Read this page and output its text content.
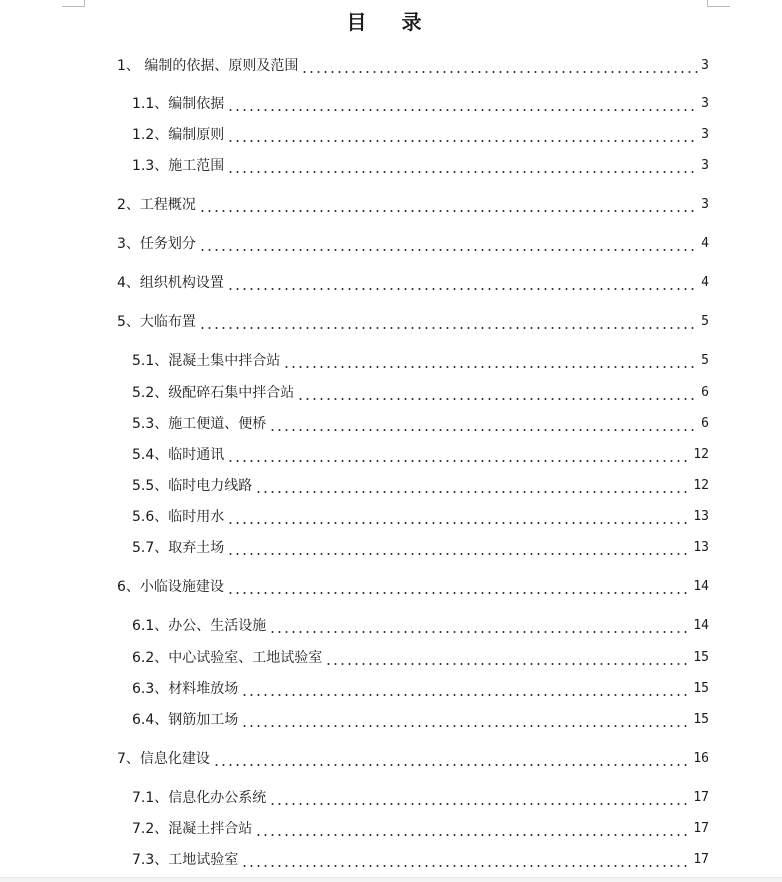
目 录
1、 编制的依据、原则及范围	3
1.1、编制依据	3
1.2、编制原则	3
1.3、施工范围	3
2、工程概况	3
3、任务划分	4
4、组织机构设置	4
5、大临布置	5
5.1、混凝土集中拌合站	5
5.2、级配碎石集中拌合站	6
5.3、施工便道、便桥	6
5.4、临时通讯	12
5.5、临时电力线路	12
5.6、临时用水	13
5.7、取弃土场	13
6、小临设施建设	14
6.1、办公、生活设施	14
6.2、中心试验室、工地试验室	15
6.3、材料堆放场	15
6.4、钢筋加工场	15
7、信息化建设	16
7.1、信息化办公系统	17
7.2、混凝土拌合站	17
7.3、工地试验室	17
